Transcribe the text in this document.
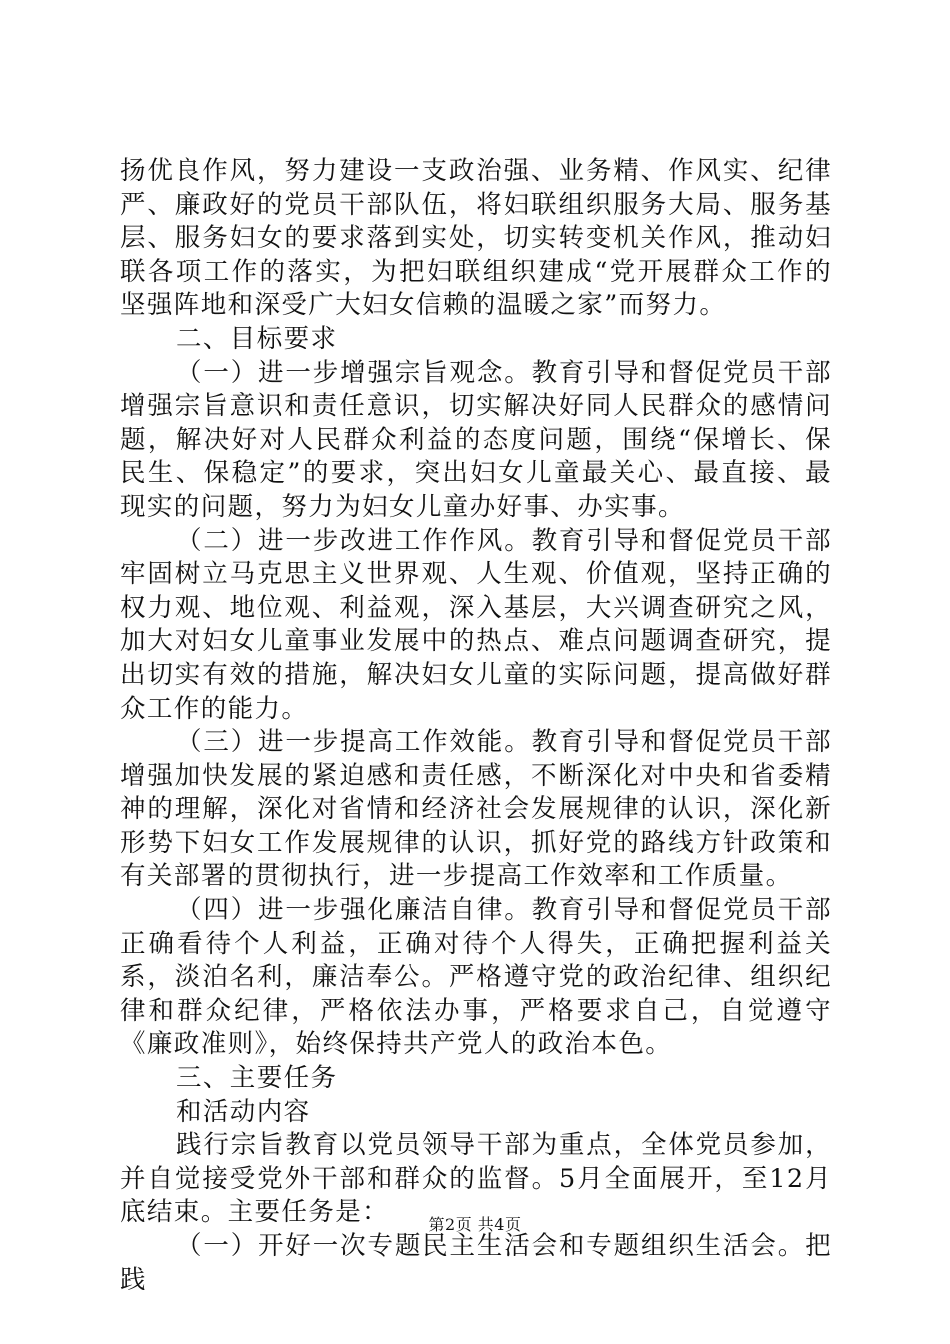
扬优良作风，努力建设一支政治强、业务精、作风实、纪律严、廉政好的党员干部队伍，将妇联组织服务大局、服务基层、服务妇女的要求落到实处，切实转变机关作风，推动妇联各项工作的落实，为把妇联组织建成“党开展群众工作的坚强阵地和深受广大妇女信赖的温暖之家”而努力。

二、目标要求

（一）进一步增强宗旨观念。教育引导和督促党员干部增强宗旨意识和责任意识，切实解决好同人民群众的感情问题，解决好对人民群众利益的态度问题，围绕“保增长、保民生、保稳定”的要求，突出妇女儿童最关心、最直接、最现实的问题，努力为妇女儿童办好事、办实事。

（二）进一步改进工作作风。教育引导和督促党员干部牢固树立马克思主义世界观、人生观、价值观，坚持正确的权力观、地位观、利益观，深入基层，大兴调查研究之风，加大对妇女儿童事业发展中的热点、难点问题调查研究，提出切实有效的措施，解决妇女儿童的实际问题，提高做好群众工作的能力。

（三）进一步提高工作效能。教育引导和督促党员干部增强加快发展的紧迫感和责任感，不断深化对中央和省委精神的理解，深化对省情和经济社会发展规律的认识，深化新形势下妇女工作发展规律的认识，抓好党的路线方针政策和有关部署的贯彻执行，进一步提高工作效率和工作质量。

（四）进一步强化廉洁自律。教育引导和督促党员干部正确看待个人利益，正确对待个人得失，正确把握利益关系，淡泊名利，廉洁奉公。严格遵守党的政治纪律、组织纪律和群众纪律，严格依法办事，严格要求自己，自觉遵守《廉政准则》，始终保持共产党人的政治本色。

三、主要任务

和活动内容

践行宗旨教育以党员领导干部为重点，全体党员参加，并自觉接受党外干部和群众的监督。5月全面展开，至12月底结束。主要任务是：

（一）开好一次专题民主生活会和专题组织生活会。把践

第2页 共4页
